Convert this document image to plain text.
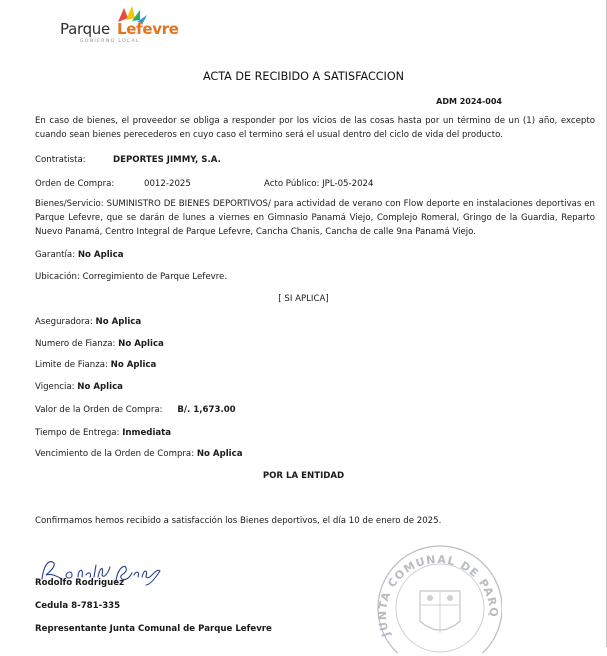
Parque Lefevre
GOBIERNO LOCAL
ACTA DE RECIBIDO A SATISFACCION
ADM 2024-004
En caso de bienes, el proveedor se obliga a responder por los vicios de las cosas hasta por un término de un (1) año, excepto cuando sean bienes perecederos en cuyo caso el termino será el usual dentro del ciclo de vida del producto.
Contratista:	DEPORTES JIMMY, S.A.
Orden de Compra:	0012-2025	Acto Público: JPL-05-2024
Bienes/Servicio: SUMINISTRO DE BIENES DEPORTIVOS/ para actividad de verano con Flow deporte en instalaciones deportivas en Parque Lefevre, que se darán de lunes a viernes en Gimnasio Panamá Viejo, Complejo Romeral, Gringo de la Guardia, Reparto Nuevo Panamá, Centro Integral de Parque Lefevre, Cancha Chanis, Cancha de calle 9na Panamá Viejo.
Garantía: No Aplica
Ubicación: Corregimiento de Parque Lefevre.
[ SI APLICA]
Aseguradora: No Aplica
Numero de Fianza: No Aplica
Limite de Fianza: No Aplica
Vigencia: No Aplica
Valor de la Orden de Compra: B/. 1,673.00
Tiempo de Entrega: Inmediata
Vencimiento de la Orden de Compra: No Aplica
POR LA ENTIDAD
Confirmamos hemos recibido a satisfacción los Bienes deportivos, el día 10 de enero de 2025.
JUNTA COMUNAL DE PARQ
Rodolfo Rodriguez
Cedula 8-781-335
Representante Junta Comunal de Parque Lefevre
